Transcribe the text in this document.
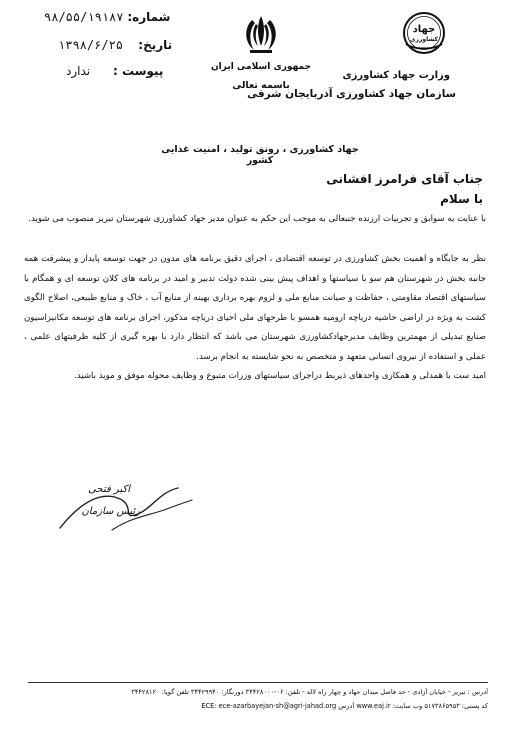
شماره: ۹۸/۵۵/۱۹۱۸۷
تاریخ:    ۱۳۹۸/۶/۲۵
پیوست :      ندارد	جمهوری اسلامی ایران
باسمه تعالی
جهاد
کشاورزی
وزارت جهاد کشاورزی
سازمان جهاد کشاورزی آذربایجان شرقی
جهاد کشاورزی ، رونق تولید ، امنیت غذایی کشور
جناب آقای فرامرز افشانی
با سلام
با عنایت به سوابق و تجربیات ارزنده جنبعالی به موجب این حکم به عنوان مدیر جهاد کشاورزی شهرستان تبریز منصوب می شوید.
نظر به جایگاه و اهمیت بخش کشاورزی در توسعه اقتصادی ، اجرای دقیق برنامه های مدون در جهت توسعه پایدار و پیشرفت همه جانبه بخش در شهرستان هم سو با سیاستها و اهداف پیش بینی شده دولت تدبیر و امید در برنامه های کلان توسعه ای و همگام با سیاستهای اقتصاد مقاومتی ، حفاظت و صیانت منابع ملی و لزوم بهره برداری بهینه از منابع آب ، خاک و منابع طبیعی، اصلاح الگوی کشت به ویژه در اراضی حاشیه دریاچه ارومیه همسو با طرحهای ملی احیای دریاچه مذکور، اجرای برنامه های توسعه مکانیزاسیون صنایع تبدیلی از مهمترین وظایف مدیرجهادکشاورزی شهرستان می باشد که انتظار دارد با بهره گیری از کلیه ظرفیتهای علمی ، عملی و استفاده از نیروی انسانی متعهد و متخصص به نحو شایسته به انجام برسد.
امید ست با همدلی و همکاری واحدهای ذیربط دراجرای سیاستهای وزرات متبوع و وظایف محوله موفق و موید باشید.
اکبر فتحی
رئیس سازمان
آدرس : تبریز - خیابان آزادی - حد فاصل میدان جهاد و چهار راه لاله - تلفن: ۰۶-۳۴۴۲۸۰۰۰ دورنگار: ۳۴۴۲۹۹۴۰ تلفن گویا: ۳۴۴۲۸۱۲۰
کد پستی: ۵۱۷۳۸۶۵۹۵۳ وب سایت: www.eaj.ir آدرس ECE: ece-azarbayejan-sh@agri-jahad.org
